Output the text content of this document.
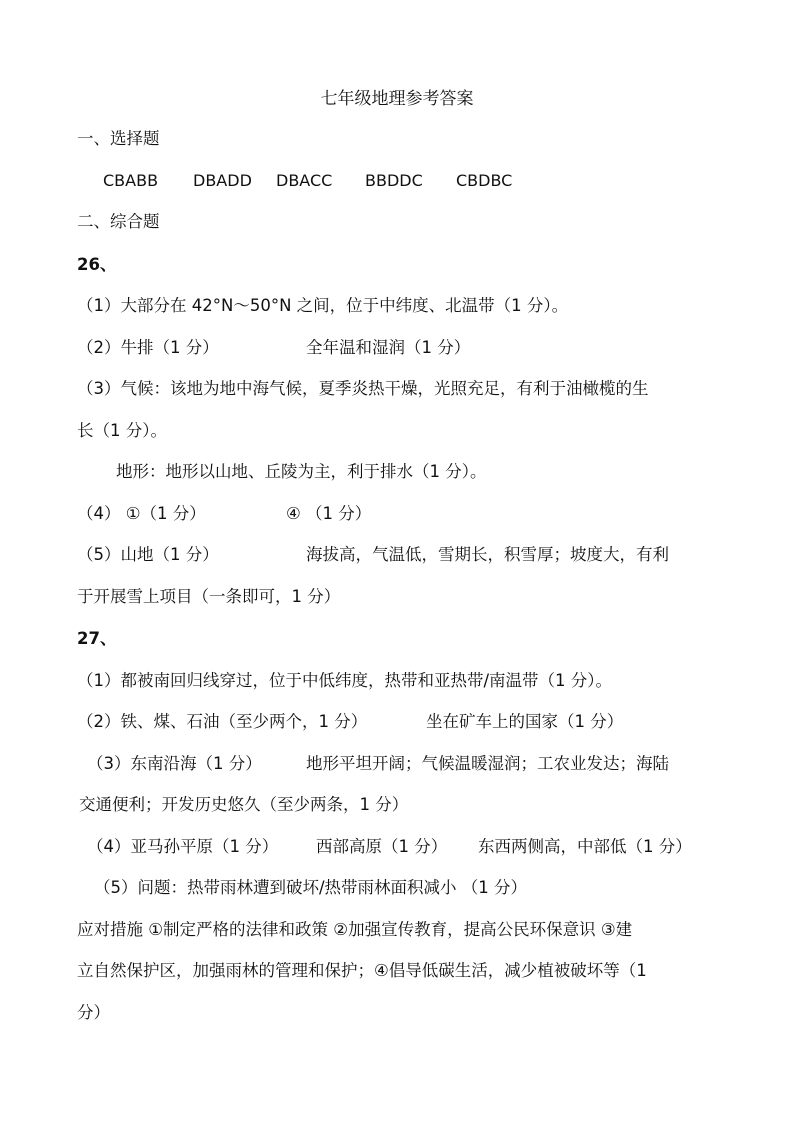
七年级地理参考答案
一、选择题
CBABB DBADD DBACC BBDDC CBDBC
二、综合题
26、
（1）大部分在 42°N～50°N 之间，位于中纬度、北温带（1 分）。
（2）牛排（1 分）	全年温和湿润（1 分）
（3）气候：该地为地中海气候，夏季炎热干燥，光照充足，有利于油橄榄的生
长（1 分）。
地形：地形以山地、丘陵为主，利于排水（1 分）。
（4） ①（1 分）	④ （1 分）
（5）山地（1 分）	海拔高，气温低，雪期长，积雪厚；坡度大，有利
于开展雪上项目（一条即可，1 分）
27、
（1）都被南回归线穿过，位于中低纬度，热带和亚热带/南温带（1 分）。
（2）铁、煤、石油（至少两个，1 分）	坐在矿车上的国家（1 分）
（3）东南沿海（1 分）	地形平坦开阔；气候温暖湿润；工农业发达；海陆
交通便利；开发历史悠久（至少两条，1 分）
（4）亚马孙平原（1 分） 西部高原（1 分） 东西两侧高，中部低（1 分）
（5）问题：热带雨林遭到破坏/热带雨林面积减小 （1 分）
应对措施 ①制定严格的法律和政策 ②加强宣传教育，提高公民环保意识 ③建
立自然保护区，加强雨林的管理和保护；④倡导低碳生活，减少植被破坏等（1
分）
